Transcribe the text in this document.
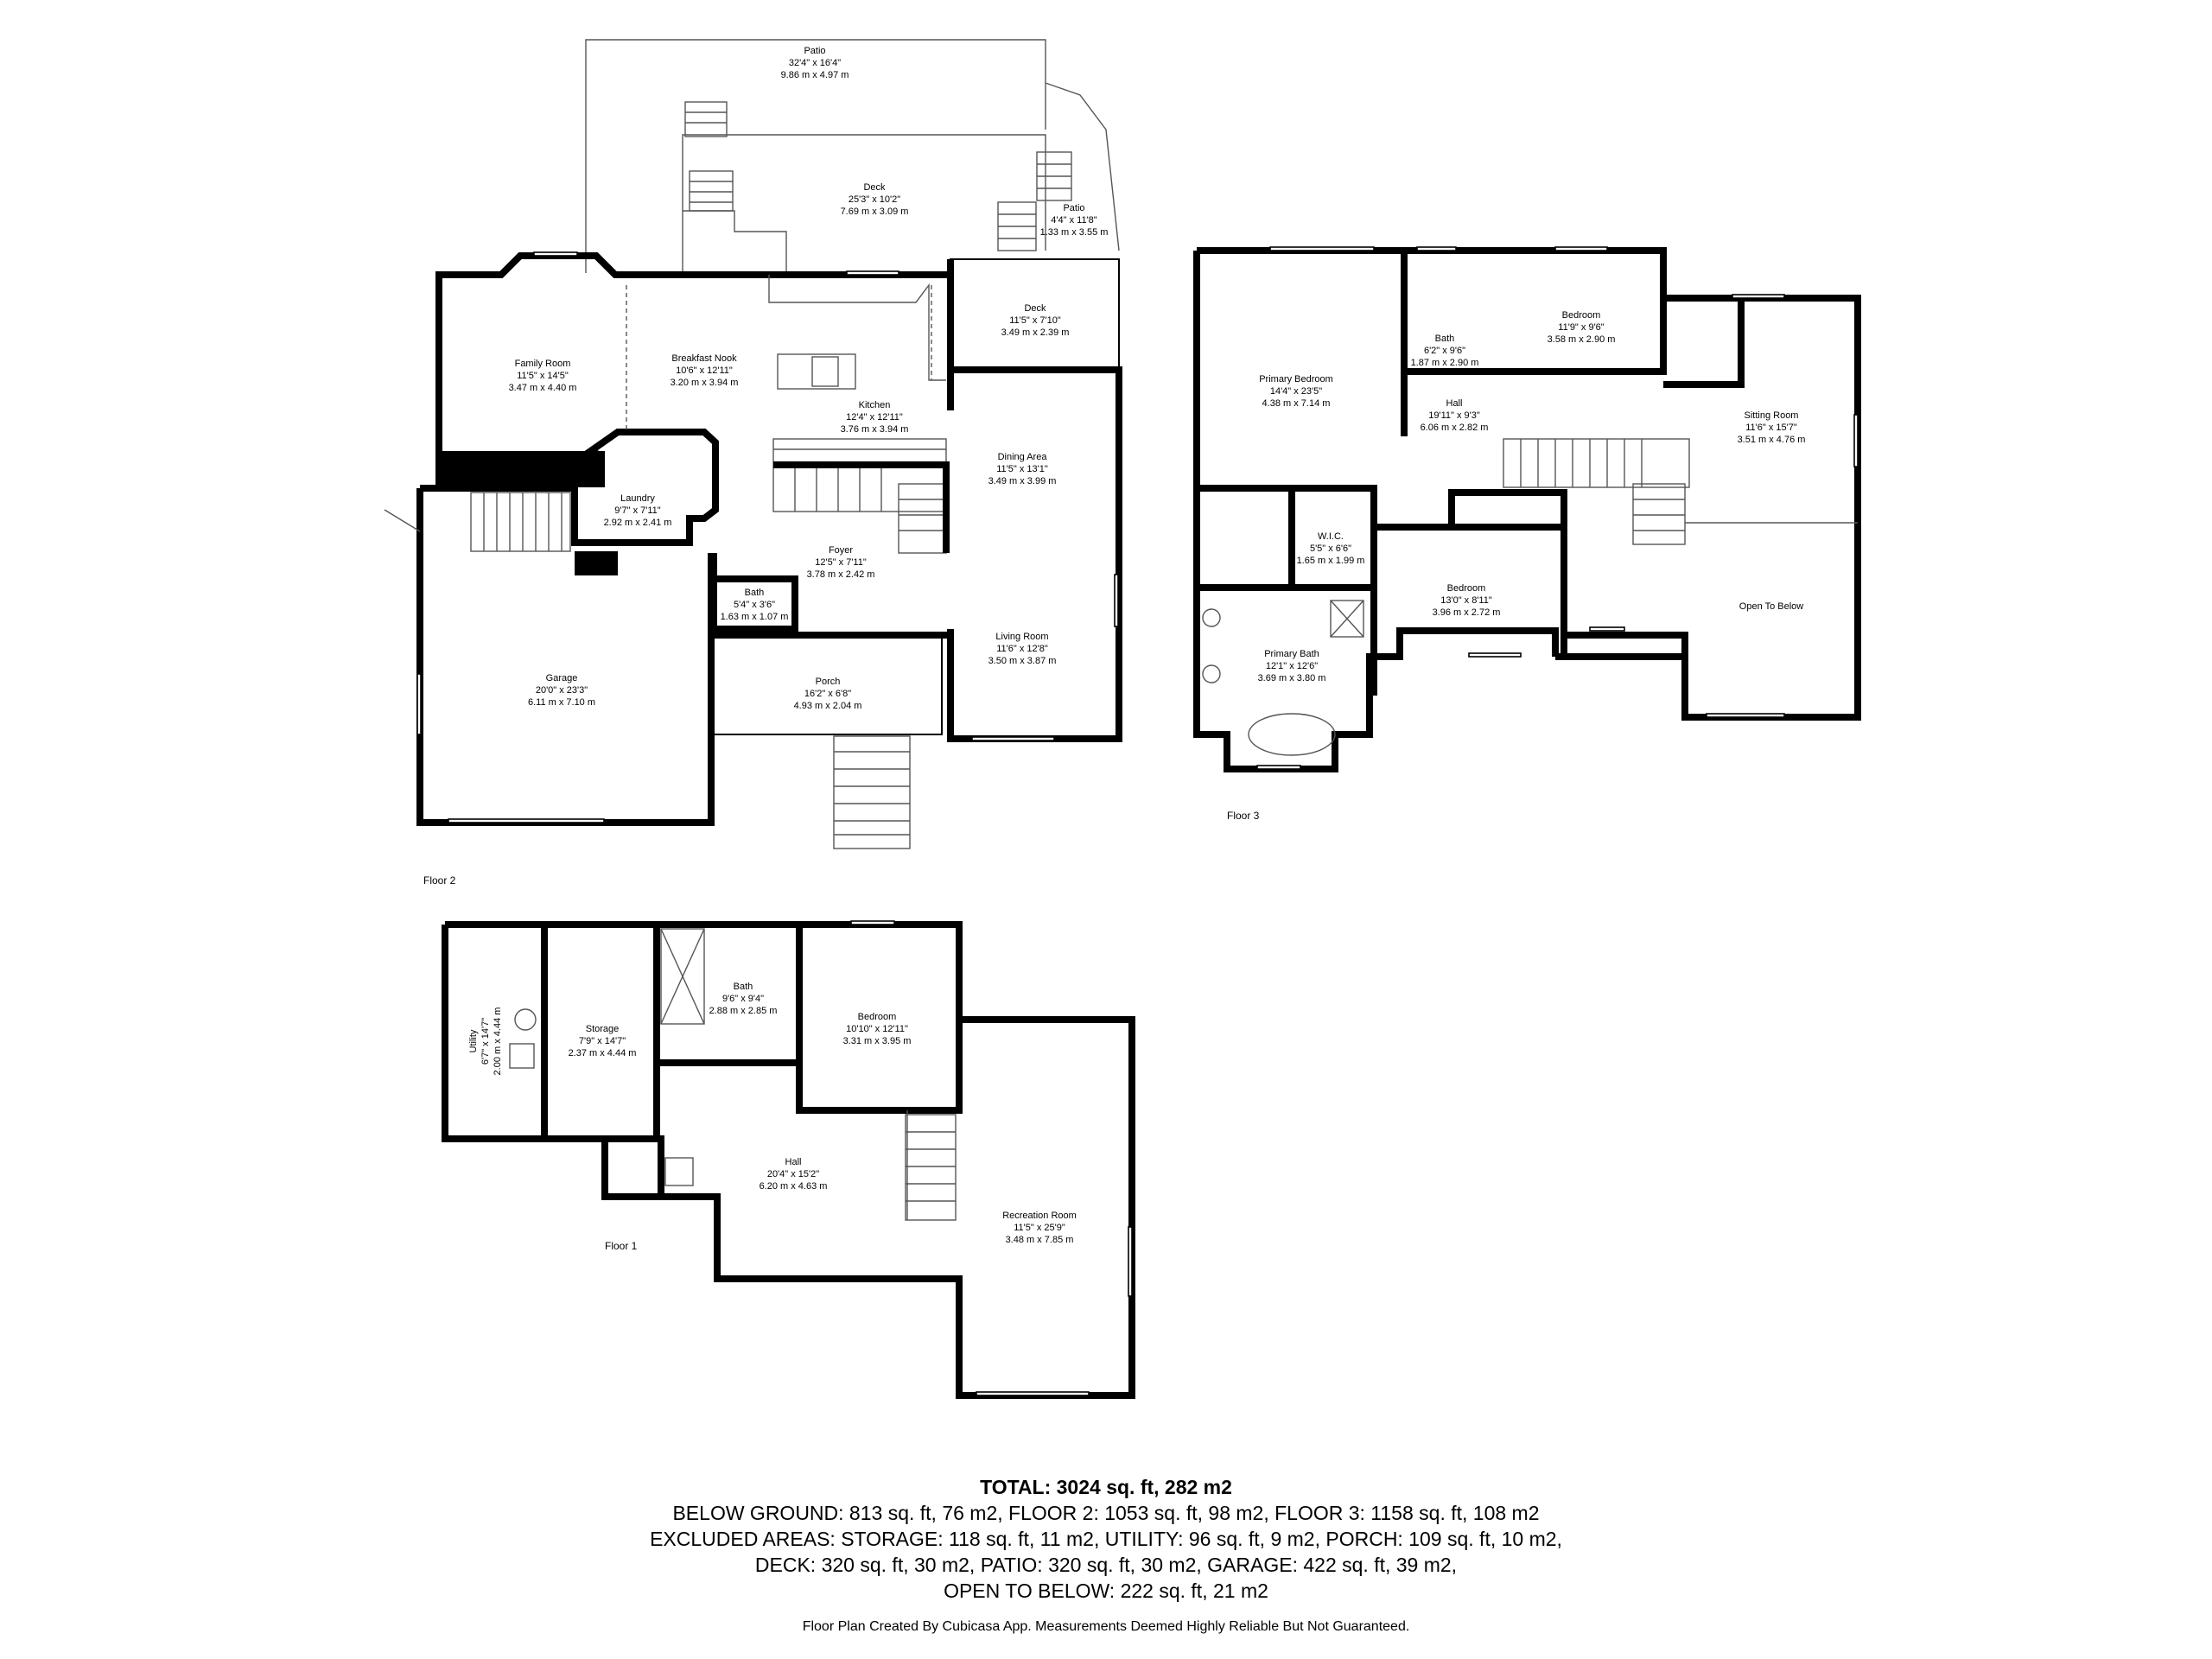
Patio
32'4" x 16'4"
9.86 m x 4.97 m
Deck
25'3" x 10'2"
7.69 m x 3.09 m	Patio
4'4" x 11'8"
1.33 m x 3.55 m
Deck
11'5" x 7'10"
3.49 m x 2.39 m
Family Room
11'5" x 14'5"
3.47 m x 4.40 m
Breakfast Nook
10'6" x 12'11"
3.20 m x 3.94 m
Kitchen
12'4" x 12'11"
3.76 m x 3.94 m
Dining Area
11'5" x 13'1"
3.49 m x 3.99 m
Laundry
9'7" x 7'11"
2.92 m x 2.41 m
Foyer
12'5" x 7'11"
3.78 m x 2.42 m
Bath
5'4" x 3'6"
1.63 m x 1.07 m
Garage
20'0" x 23'3"
6.11 m x 7.10 m
Porch
16'2" x 6'8"
4.93 m x 2.04 m
Living Room
11'6" x 12'8"
3.50 m x 3.87 m
Floor 2
Primary Bedroom
14'4" x 23'5"
4.38 m x 7.14 m
Bath
6'2" x 9'6"
1.87 m x 2.90 m
Bedroom
11'9" x 9'6"
3.58 m x 2.90 m
Hall
19'11" x 9'3"
6.06 m x 2.82 m
Sitting Room
11'6" x 15'7"
3.51 m x 4.76 m
W.I.C.
5'5" x 6'6"
1.65 m x 1.99 m
Bedroom
13'0" x 8'11"
3.96 m x 2.72 m
Open To Below
Primary Bath
12'1" x 12'6"
3.69 m x 3.80 m
Floor 3
Utility 6'7" x 14'7" 2.00 m x 4.44 m	Storage
7'9" x 14'7"
2.37 m x 4.44 m
Bath
9'6" x 9'4"
2.88 m x 2.85 m
Bedroom
10'10" x 12'11"
3.31 m x 3.95 m
Hall
20'4" x 15'2"
6.20 m x 4.63 m
Recreation Room
11'5" x 25'9"
3.48 m x 7.85 m
Floor 1
TOTAL: 3024 sq. ft, 282 m2
BELOW GROUND: 813 sq. ft, 76 m2, FLOOR 2: 1053 sq. ft, 98 m2, FLOOR 3: 1158 sq. ft, 108 m2
EXCLUDED AREAS: STORAGE: 118 sq. ft, 11 m2, UTILITY: 96 sq. ft, 9 m2, PORCH: 109 sq. ft, 10 m2,
DECK: 320 sq. ft, 30 m2, PATIO: 320 sq. ft, 30 m2, GARAGE: 422 sq. ft, 39 m2,
OPEN TO BELOW: 222 sq. ft, 21 m2
Floor Plan Created By Cubicasa App. Measurements Deemed Highly Reliable But Not Guaranteed.
